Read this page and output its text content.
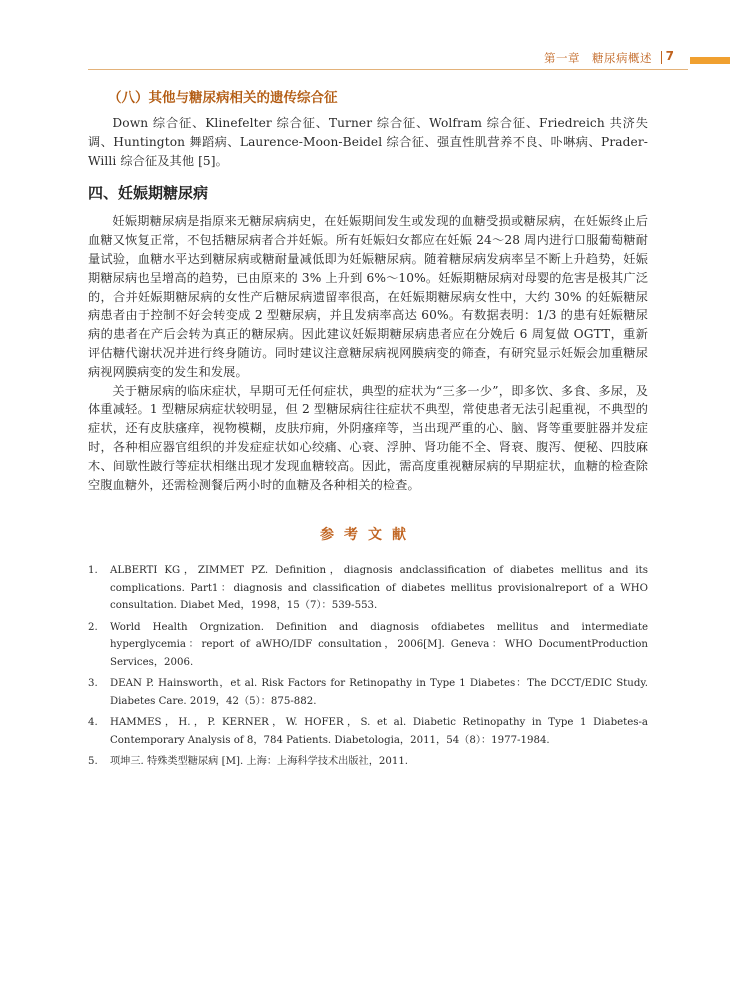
第一章　糖尿病概述 7
（八）其他与糖尿病相关的遗传综合征

Down 综合征、Klinefelter 综合征、Turner 综合征、Wolfram 综合征、Friedreich 共济失调、Huntington 舞蹈病、Laurence-Moon-Beidel 综合征、强直性肌营养不良、卟啉病、Prader-Willi 综合征及其他 [5]。

四、妊娠期糖尿病

妊娠期糖尿病是指原来无糖尿病病史，在妊娠期间发生或发现的血糖受损或糖尿病，在妊娠终止后血糖又恢复正常，不包括糖尿病者合并妊娠。所有妊娠妇女都应在妊娠 24～28 周内进行口服葡萄糖耐量试验，血糖水平达到糖尿病或糖耐量减低即为妊娠糖尿病。随着糖尿病发病率呈不断上升趋势，妊娠期糖尿病也呈增高的趋势，已由原来的 3% 上升到 6%～10%。妊娠期糖尿病对母婴的危害是极其广泛的，合并妊娠期糖尿病的女性产后糖尿病遗留率很高，在妊娠期糖尿病女性中，大约 30% 的妊娠糖尿病患者由于控制不好会转变成 2 型糖尿病，并且发病率高达 60%。有数据表明：1/3 的患有妊娠糖尿病的患者在产后会转为真正的糖尿病。因此建议妊娠期糖尿病患者应在分娩后 6 周复做 OGTT，重新评估糖代谢状况并进行终身随访。同时建议注意糖尿病视网膜病变的筛查，有研究显示妊娠会加重糖尿病视网膜病变的发生和发展。

关于糖尿病的临床症状，早期可无任何症状，典型的症状为“三多一少”，即多饮、多食、多尿，及体重减轻。1 型糖尿病症状较明显，但 2 型糖尿病往往症状不典型，常使患者无法引起重视，不典型的症状，还有皮肤瘙痒，视物模糊，皮肤疖痈，外阴瘙痒等，当出现严重的心、脑、肾等重要脏器并发症时，各种相应器官组织的并发症症状如心绞痛、心衰、浮肿、肾功能不全、肾衰、腹泻、便秘、四肢麻木、间歇性跛行等症状相继出现才发现血糖较高。因此，需高度重视糖尿病的早期症状，血糖的检查除空腹血糖外，还需检测餐后两小时的血糖及各种相关的检查。

参考文献
1. ALBERTI KG，ZIMMET PZ. Definition，diagnosis andclassification of diabetes mellitus and its complications. Part1：diagnosis and classification of diabetes mellitus provisionalreport of a WHO consultation. Diabet Med，1998，15（7）：539-553.
2. World Health Orgnization. Definition and diagnosis ofdiabetes mellitus and intermediate hyperglycemia：report of aWHO/IDF consultation，2006[M]. Geneva：WHO DocumentProduction Services，2006.
3. DEAN P. Hainsworth，et al. Risk Factors for Retinopathy in Type 1 Diabetes：The DCCT/EDIC Study. Diabetes Care. 2019，42（5）：875-882.
4. HAMMES，H.，P. KERNER，W. HOFER，S. et al. Diabetic Retinopathy in Type 1 Diabetes-a Contemporary Analysis of 8，784 Patients. Diabetologia，2011，54（8）：1977-1984.
5. 项坤三. 特殊类型糖尿病 [M]. 上海：上海科学技术出版社，2011.
